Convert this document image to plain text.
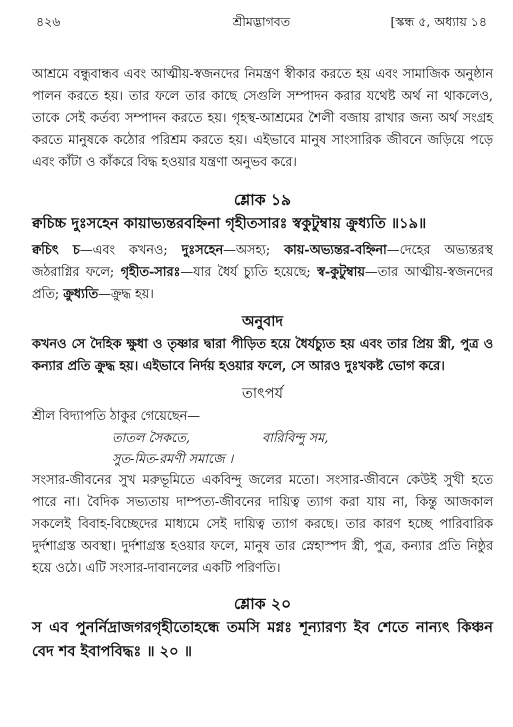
৪২৬	শ্রীমদ্ভাগবত	[স্কন্ধ ৫, অধ্যায় ১৪

আশ্রমে বন্ধুবান্ধব এবং আত্মীয়-স্বজনদের নিমন্ত্রণ স্বীকার করতে হয় এবং সামাজিক অনুষ্ঠান পালন করতে হয়। তার ফলে তার কাছে সেগুলি সম্পাদন করার যথেষ্ট অর্থ না থাকলেও, তাকে সেই কর্তব্য সম্পাদন করতে হয়। গৃহস্থ-আশ্রমের শৈলী বজায় রাখার জন্য অর্থ সংগ্রহ করতে মানুষকে কঠোর পরিশ্রম করতে হয়। এইভাবে মানুষ সাংসারিক জীবনে জড়িয়ে পড়ে এবং কাঁটা ও কাঁকরে বিদ্ধ হওয়ার যন্ত্রণা অনুভব করে।

শ্লোক ১৯

ক্বচিচ্চ দুঃসহেন কায়াভ্যন্তরবহ্নিনা গৃহীতসারঃ স্বকুটুম্বায় ক্রুধ্যতি ॥১৯॥

ক্বচিৎ চ—এবং কখনও; দুঃসহেন—অসহ্য; কায়-অভ্যন্তর-বহ্নিনা—দেহের অভ্যন্তরস্থ জঠরাগ্নির ফলে; গৃহীত-সারঃ—যার ধৈর্য চ্যুতি হয়েছে; স্ব-কুটুম্বায়—তার আত্মীয়-স্বজনদের প্রতি; ক্রুধ্যতি—ক্রুদ্ধ হয়।

অনুবাদ

কখনও সে দৈহিক ক্ষুধা ও তৃষ্ণার দ্বারা পীড়িত হয়ে ধৈর্যচ্যুত হয় এবং তার প্রিয় স্ত্রী, পুত্র ও কন্যার প্রতি ক্রুদ্ধ হয়। এইভাবে নির্দয় হওয়ার ফলে, সে আরও দুঃখকষ্ট ভোগ করে।

তাৎপর্য

শ্রীল বিদ্যাপতি ঠাকুর গেয়েছেন—

তাতল সৈকতে,	বারিবিন্দু সম,
সুত-মিত-রমণী সমাজে ।

সংসার-জীবনের সুখ মরুভূমিতে একবিন্দু জলের মতো। সংসার-জীবনে কেউই সুখী হতে পারে না। বৈদিক সভ্যতায় দাম্পত্য-জীবনের দায়িত্ব ত্যাগ করা যায় না, কিন্তু আজকাল সকলেই বিবাহ-বিচ্ছেদের মাধ্যমে সেই দায়িত্ব ত্যাগ করছে। তার কারণ হচ্ছে পারিবারিক দুর্দশাগ্রস্ত অবস্থা। দুর্দশাগ্রস্ত হওয়ার ফলে, মানুষ তার স্নেহাস্পদ স্ত্রী, পুত্র, কন্যার প্রতি নিষ্ঠুর হয়ে ওঠে। এটি সংসার-দাবানলের একটি পরিণতি।

শ্লোক ২০

স এব পুনর্নিদ্রাজগরগৃহীতোহন্ধে তমসি মগ্নঃ শূন্যারণ্য ইব শেতে নান্যৎ কিঞ্চন বেদ শব ইবাপবিদ্ধঃ ॥ ২০ ॥
